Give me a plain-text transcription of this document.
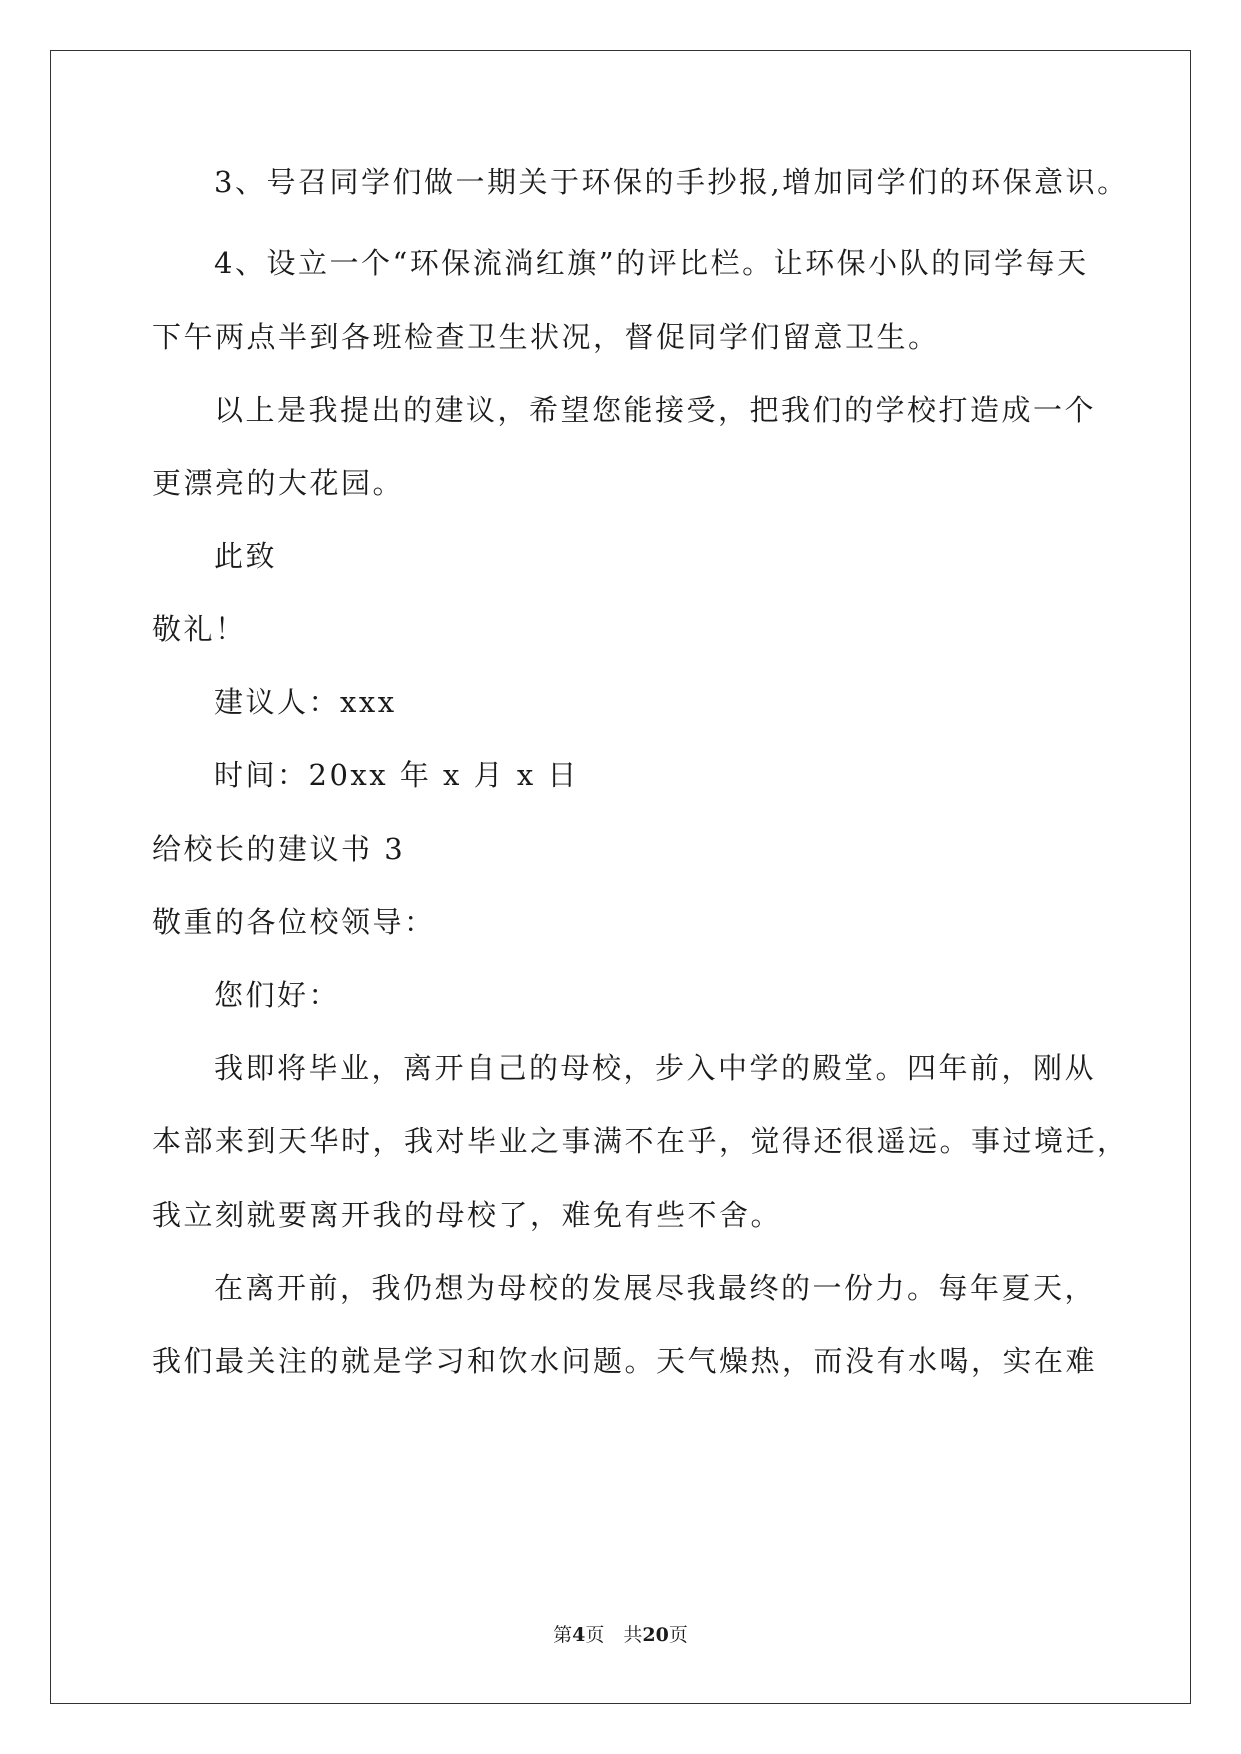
3、号召同学们做一期关于环保的手抄报,增加同学们的环保意识。
4、设立一个“环保流淌红旗”的评比栏。让环保小队的同学每天
下午两点半到各班检查卫生状况，督促同学们留意卫生。
以上是我提出的建议，希望您能接受，把我们的学校打造成一个
更漂亮的大花园。
此致
敬礼！
建议人：xxx
时间：20xx 年 x 月 x 日
给校长的建议书 3
敬重的各位校领导：
您们好：
我即将毕业，离开自己的母校，步入中学的殿堂。四年前，刚从
本部来到天华时，我对毕业之事满不在乎，觉得还很遥远。事过境迁，
我立刻就要离开我的母校了，难免有些不舍。
在离开前，我仍想为母校的发展尽我最终的一份力。每年夏天，
我们最关注的就是学习和饮水问题。天气燥热，而没有水喝，实在难
第4页　共20页
